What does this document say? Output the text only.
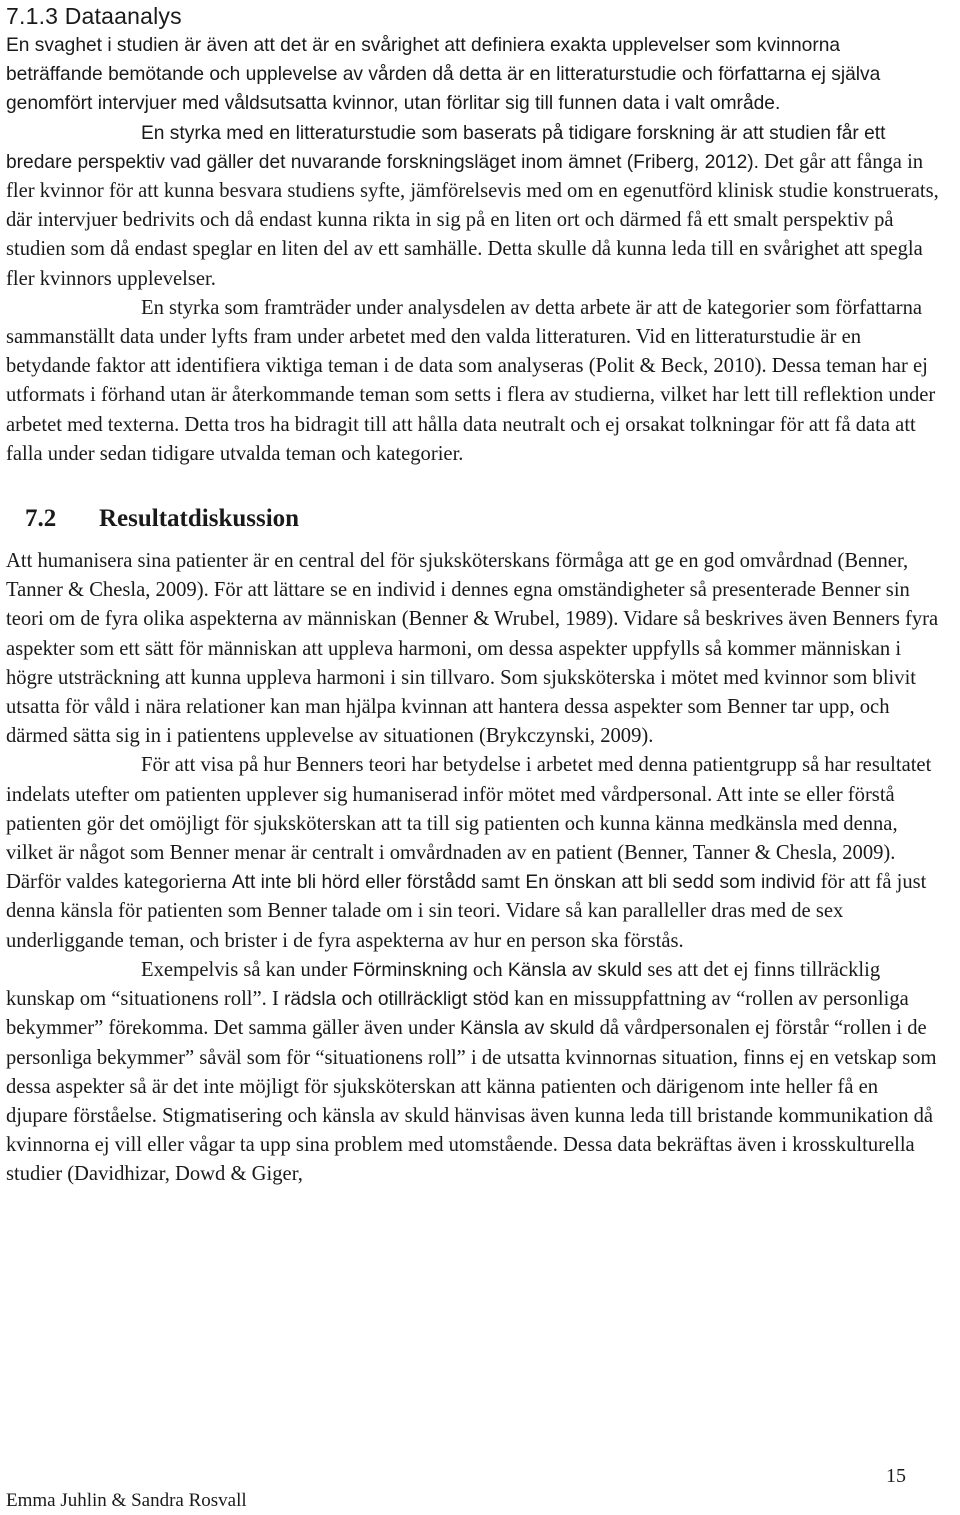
7.1.3 Dataanalys

En svaghet i studien är även att det är en svårighet att definiera exakta upplevelser som kvinnorna beträffande bemötande och upplevelse av vården då detta är en litteraturstudie och författarna ej själva genomfört intervjuer med våldsutsatta kvinnor, utan förlitar sig till funnen data i valt område.

En styrka med en litteraturstudie som baserats på tidigare forskning är att studien får ett bredare perspektiv vad gäller det nuvarande forskningsläget inom ämnet (Friberg, 2012). Det går att fånga in fler kvinnor för att kunna besvara studiens syfte, jämförelsevis med om en egenutförd klinisk studie konstruerats, där intervjuer bedrivits och då endast kunna rikta in sig på en liten ort och därmed få ett smalt perspektiv på studien som då endast speglar en liten del av ett samhälle. Detta skulle då kunna leda till en svårighet att spegla fler kvinnors upplevelser.

En styrka som framträder under analysdelen av detta arbete är att de kategorier som författarna sammanställt data under lyfts fram under arbetet med den valda litteraturen. Vid en litteraturstudie är en betydande faktor att identifiera viktiga teman i de data som analyseras (Polit & Beck, 2010). Dessa teman har ej utformats i förhand utan är återkommande teman som setts i flera av studierna, vilket har lett till reflektion under arbetet med texterna. Detta tros ha bidragit till att hålla data neutralt och ej orsakat tolkningar för att få data att falla under sedan tidigare utvalda teman och kategorier.

7.2 Resultatdiskussion

Att humanisera sina patienter är en central del för sjuksköterskans förmåga att ge en god omvårdnad (Benner, Tanner & Chesla, 2009). För att lättare se en individ i dennes egna omständigheter så presenterade Benner sin teori om de fyra olika aspekterna av människan (Benner & Wrubel, 1989). Vidare så beskrives även Benners fyra aspekter som ett sätt för människan att uppleva harmoni, om dessa aspekter uppfylls så kommer människan i högre utsträckning att kunna uppleva harmoni i sin tillvaro. Som sjuksköterska i mötet med kvinnor som blivit utsatta för våld i nära relationer kan man hjälpa kvinnan att hantera dessa aspekter som Benner tar upp, och därmed sätta sig in i patientens upplevelse av situationen (Brykczynski, 2009).

För att visa på hur Benners teori har betydelse i arbetet med denna patientgrupp så har resultatet indelats utefter om patienten upplever sig humaniserad inför mötet med vårdpersonal. Att inte se eller förstå patienten gör det omöjligt för sjuksköterskan att ta till sig patienten och kunna känna medkänsla med denna, vilket är något som Benner menar är centralt i omvårdnaden av en patient (Benner, Tanner & Chesla, 2009). Därför valdes kategorierna Att inte bli hörd eller förstådd samt En önskan att bli sedd som individ för att få just denna känsla för patienten som Benner talade om i sin teori. Vidare så kan paralleller dras med de sex underliggande teman, och brister i de fyra aspekterna av hur en person ska förstås.

Exempelvis så kan under Förminskning och Känsla av skuld ses att det ej finns tillräcklig kunskap om “situationens roll”. I rädsla och otillräckligt stöd kan en missuppfattning av “rollen av personliga bekymmer” förekomma. Det samma gäller även under Känsla av skuld då vårdpersonalen ej förstår “rollen i de personliga bekymmer” såväl som för “situationens roll” i de utsatta kvinnornas situation, finns ej en vetskap som dessa aspekter så är det inte möjligt för sjuksköterskan att känna patienten och därigenom inte heller få en djupare förståelse. Stigmatisering och känsla av skuld hänvisas även kunna leda till bristande kommunikation då kvinnorna ej vill eller vågar ta upp sina problem med utomstående. Dessa data bekräftas även i krosskulturella studier (Davidhizar, Dowd & Giger,

15
Emma Juhlin & Sandra Rosvall
